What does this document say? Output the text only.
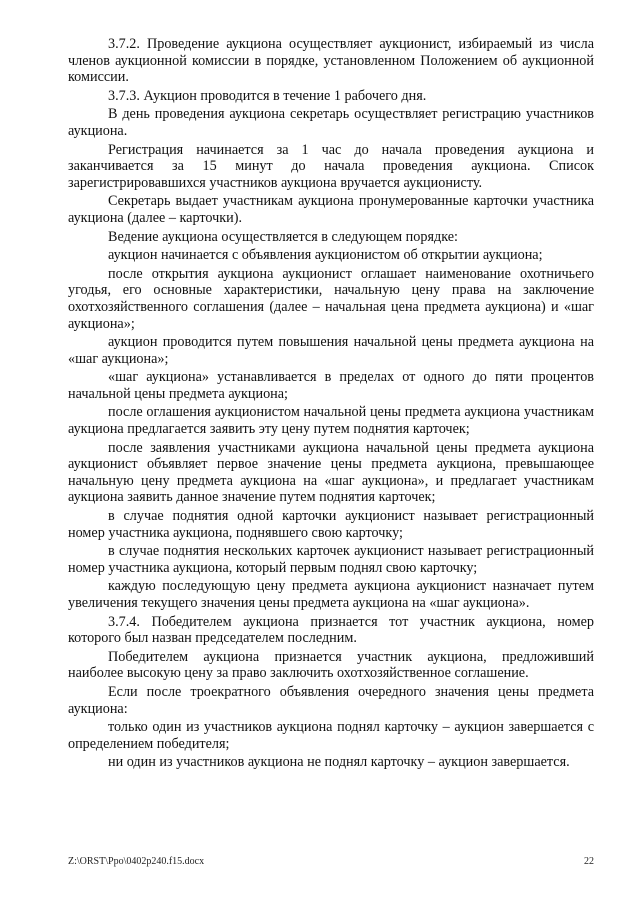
3.7.2. Проведение аукциона осуществляет аукционист, избираемый из числа членов аукционной комиссии в порядке, установленном Положением об аукционной комиссии.

3.7.3. Аукцион проводится в течение 1 рабочего дня.

В день проведения аукциона секретарь осуществляет регистрацию участников аукциона.

Регистрация начинается за 1 час до начала проведения аукциона и заканчивается за 15 минут до начала проведения аукциона. Список зарегистрировавшихся участников аукциона вручается аукционисту.

Секретарь выдает участникам аукциона пронумерованные карточки участника аукциона (далее – карточки).

Ведение аукциона осуществляется в следующем порядке:

аукцион начинается с объявления аукционистом об открытии аукциона;

после открытия аукциона аукционист оглашает наименование охотничьего угодья, его основные характеристики, начальную цену права на заключение охотхозяйственного соглашения (далее – начальная цена предмета аукциона) и «шаг аукциона»;

аукцион проводится путем повышения начальной цены предмета аукциона на «шаг аукциона»;

«шаг аукциона» устанавливается в пределах от одного до пяти процентов начальной цены предмета аукциона;

после оглашения аукционистом начальной цены предмета аукциона участникам аукциона предлагается заявить эту цену путем поднятия карточек;

после заявления участниками аукциона начальной цены предмета аукциона аукционист объявляет первое значение цены предмета аукциона, превышающее начальную цену предмета аукциона на «шаг аукциона», и предлагает участникам аукциона заявить данное значение путем поднятия карточек;

в случае поднятия одной карточки аукционист называет регистрационный номер участника аукциона, поднявшего свою карточку;

в случае поднятия нескольких карточек аукционист называет регистрационный номер участника аукциона, который первым поднял свою карточку;

каждую последующую цену предмета аукциона аукционист назначает путем увеличения текущего значения цены предмета аукциона на «шаг аукциона».

3.7.4. Победителем аукциона признается тот участник аукциона, номер которого был назван председателем последним.

Победителем аукциона признается участник аукциона, предложивший наиболее высокую цену за право заключить охотхозяйственное соглашение.

Если после троекратного объявления очередного значения цены предмета аукциона:

только один из участников аукциона поднял карточку – аукцион завершается с определением победителя;

ни один из участников аукциона не поднял карточку – аукцион завершается.

Z:\ORST\Ppo\0402p240.f15.docx	22
